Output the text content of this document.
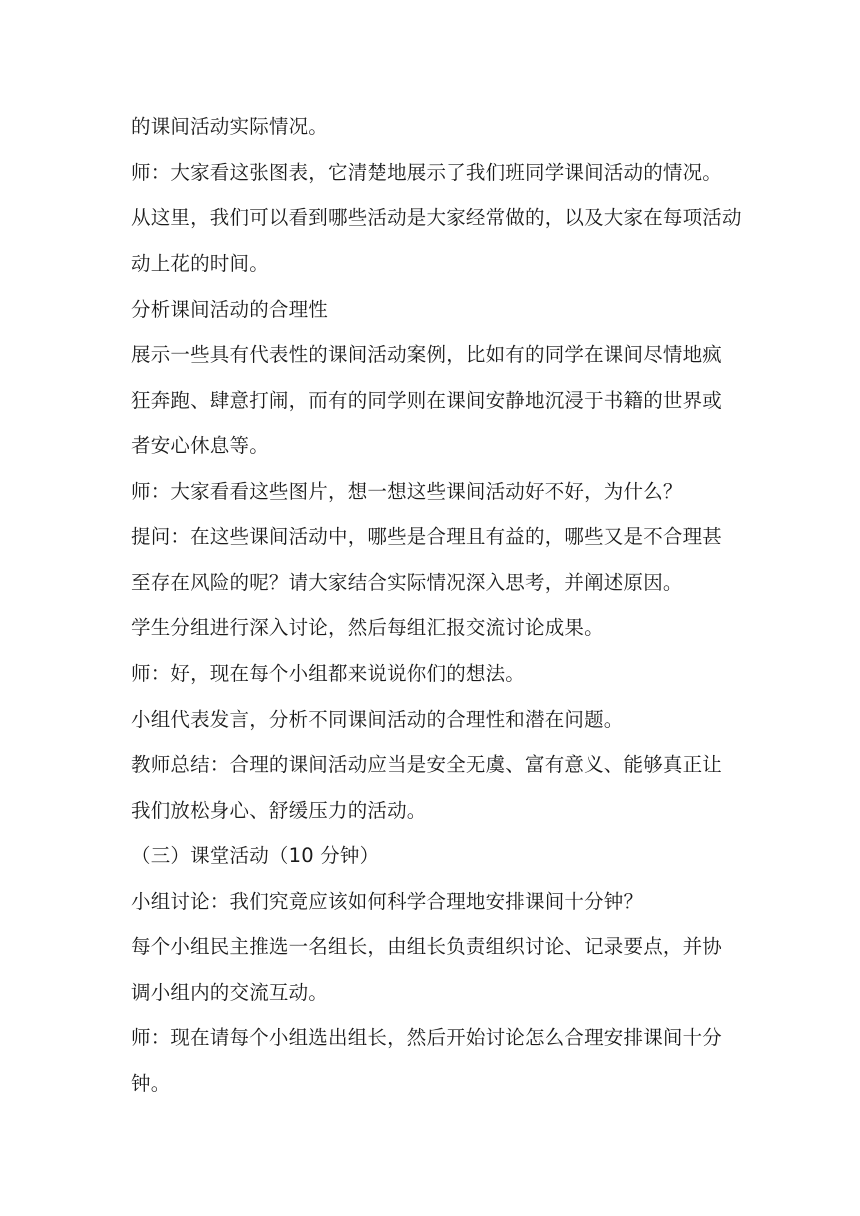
的课间活动实际情况。

师：大家看这张图表，它清楚地展示了我们班同学课间活动的情况。

从这里，我们可以看到哪些活动是大家经常做的，以及大家在每项活动

动上花的时间。

分析课间活动的合理性

展示一些具有代表性的课间活动案例，比如有的同学在课间尽情地疯

狂奔跑、肆意打闹，而有的同学则在课间安静地沉浸于书籍的世界或

者安心休息等。

师：大家看看这些图片，想一想这些课间活动好不好，为什么？

提问：在这些课间活动中，哪些是合理且有益的，哪些又是不合理甚

至存在风险的呢？请大家结合实际情况深入思考，并阐述原因。

学生分组进行深入讨论，然后每组汇报交流讨论成果。

师：好，现在每个小组都来说说你们的想法。

小组代表发言，分析不同课间活动的合理性和潜在问题。

教师总结：合理的课间活动应当是安全无虞、富有意义、能够真正让

我们放松身心、舒缓压力的活动。

（三）课堂活动（10 分钟）

小组讨论：我们究竟应该如何科学合理地安排课间十分钟？

每个小组民主推选一名组长，由组长负责组织讨论、记录要点，并协

调小组内的交流互动。

师：现在请每个小组选出组长，然后开始讨论怎么合理安排课间十分

钟。
